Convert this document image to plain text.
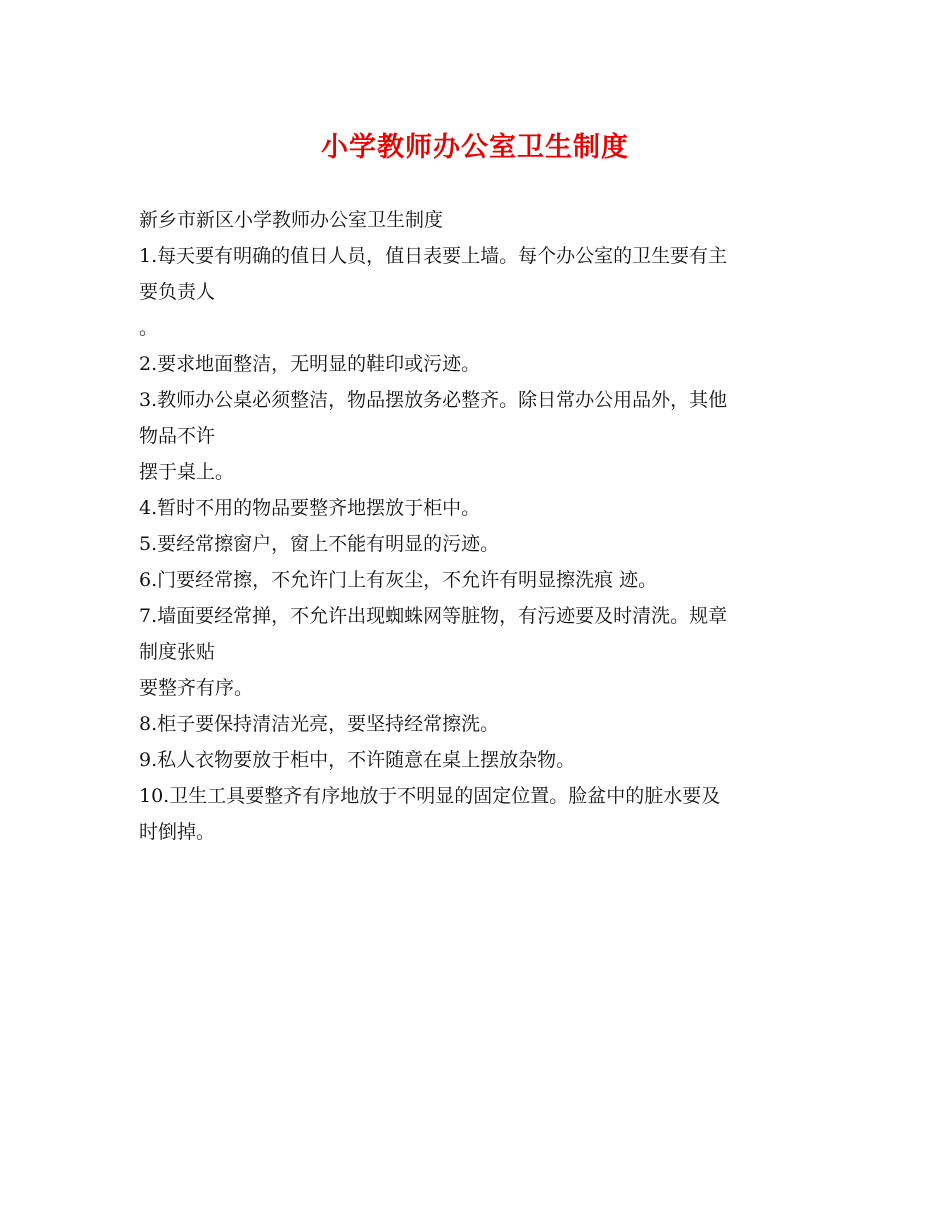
小学教师办公室卫生制度
新乡市新区小学教师办公室卫生制度
1.每天要有明确的值日人员，值日表要上墙。每个办公室的卫生要有主
要负责人
。
2.要求地面整洁，无明显的鞋印或污迹。
3.教师办公桌必须整洁，物品摆放务必整齐。除日常办公用品外，其他
物品不许
摆于桌上。
4.暂时不用的物品要整齐地摆放于柜中。
5.要经常擦窗户，窗上不能有明显的污迹。
6.门要经常擦，不允许门上有灰尘，不允许有明显擦洗痕 迹。
7.墙面要经常掸，不允许出现蜘蛛网等脏物，有污迹要及时清洗。规章
制度张贴
要整齐有序。
8.柜子要保持清洁光亮，要坚持经常擦洗。
9.私人衣物要放于柜中，不许随意在桌上摆放杂物。
10.卫生工具要整齐有序地放于不明显的固定位置。脸盆中的脏水要及
时倒掉。
